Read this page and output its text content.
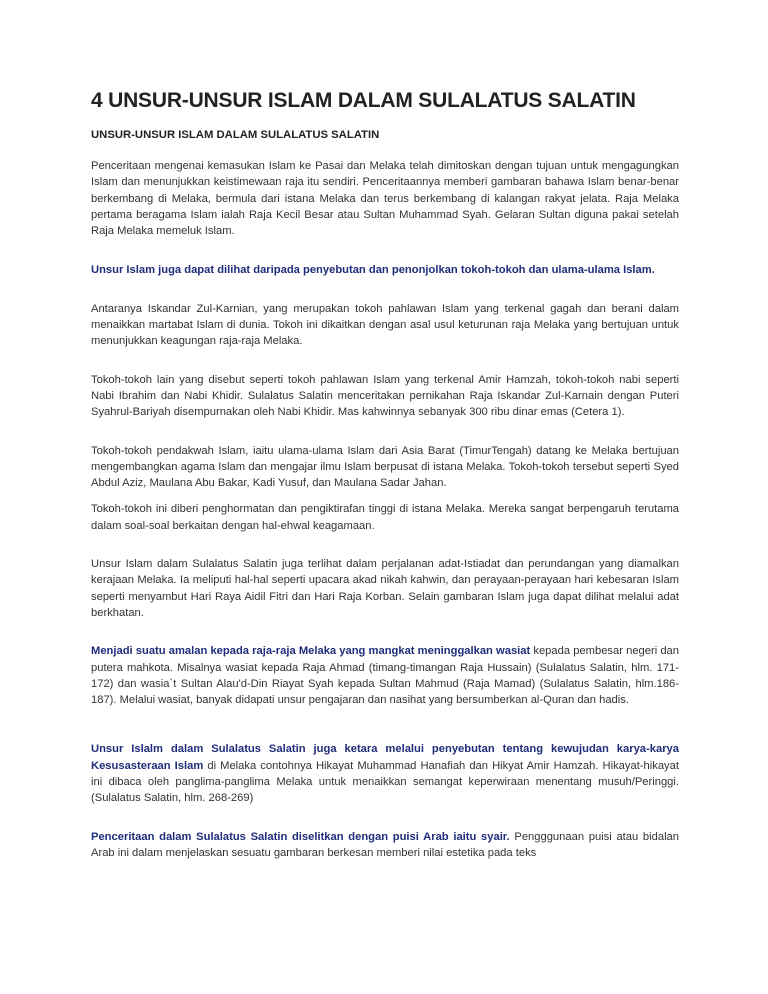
4 UNSUR-UNSUR ISLAM DALAM SULALATUS SALATIN
UNSUR-UNSUR ISLAM DALAM SULALATUS SALATIN

Penceritaan mengenai kemasukan Islam ke Pasai dan Melaka telah dimitoskan dengan tujuan untuk mengagungkan Islam dan menunjukkan keistimewaan raja itu sendiri. Penceritaannya memberi gambaran bahawa Islam benar-benar berkembang di Melaka, bermula dari istana Melaka dan terus berkembang di kalangan rakyat jelata. Raja Melaka pertama beragama Islam ialah Raja Kecil Besar atau Sultan Muhammad Syah. Gelaran Sultan diguna pakai setelah Raja Melaka memeluk Islam.

Unsur Islam juga dapat dilihat daripada penyebutan dan penonjolkan tokoh-tokoh dan ulama-ulama Islam.

Antaranya Iskandar Zul-Karnian, yang merupakan tokoh pahlawan Islam yang terkenal gagah dan berani dalam menaikkan martabat Islam di dunia. Tokoh ini dikaitkan dengan asal usul keturunan raja Melaka yang bertujuan untuk menunjukkan keagungan raja-raja Melaka.

Tokoh-tokoh lain yang disebut seperti tokoh pahlawan Islam yang terkenal Amir Hamzah, tokoh-tokoh nabi seperti Nabi Ibrahim dan Nabi Khidir. Sulalatus Salatin menceritakan pernikahan Raja Iskandar Zul-Karnain dengan Puteri Syahrul-Bariyah disempurnakan oleh Nabi Khidir. Mas kahwinnya sebanyak 300 ribu dinar emas (Cetera 1).

Tokoh-tokoh pendakwah Islam, iaitu ulama-ulama Islam dari Asia Barat (TimurTengah) datang ke Melaka bertujuan mengembangkan agama Islam dan mengajar ilmu Islam berpusat di istana Melaka. Tokoh-tokoh tersebut seperti Syed Abdul Aziz, Maulana Abu Bakar, Kadi Yusuf, dan Maulana Sadar Jahan.

Tokoh-tokoh ini diberi penghormatan dan pengiktirafan tinggi di istana Melaka. Mereka sangat berpengaruh terutama dalam soal-soal berkaitan dengan hal-ehwal keagamaan.

Unsur Islam dalam Sulalatus Salatin juga terlihat dalam perjalanan adat-Istiadat dan perundangan yang diamalkan kerajaan Melaka. Ia meliputi hal-hal seperti upacara akad nikah kahwin, dan perayaan-perayaan hari kebesaran Islam seperti menyambut Hari Raya Aidil Fitri dan Hari Raja Korban. Selain gambaran Islam juga dapat dilihat melalui adat berkhatan.

Menjadi suatu amalan kepada raja-raja Melaka yang mangkat meninggalkan wasiat kepada pembesar negeri dan putera mahkota. Misalnya wasiat kepada Raja Ahmad (timang-timangan Raja Hussain) (Sulalatus Salatin, hlm. 171-172) dan wasia`t Sultan Alau'd-Din Riayat Syah kepada Sultan Mahmud (Raja Mamad) (Sulalatus Salatin, hlm.186-187). Melalui wasiat, banyak didapati unsur pengajaran dan nasihat yang bersumberkan al-Quran dan hadis.

Unsur Islalm dalam Sulalatus Salatin juga ketara melalui penyebutan tentang kewujudan karya-karya Kesusasteraan Islam di Melaka contohnya Hikayat Muhammad Hanafiah dan Hikyat Amir Hamzah. Hikayat-hikayat ini dibaca oleh panglima-panglima Melaka untuk menaikkan semangat keperwiraan menentang musuh/Peringgi. (Sulalatus Salatin, hlm. 268-269)

Penceritaan dalam Sulalatus Salatin diselitkan dengan puisi Arab iaitu syair. Pengggunaan puisi atau bidalan Arab ini dalam menjelaskan sesuatu gambaran berkesan memberi nilai estetika pada teks
